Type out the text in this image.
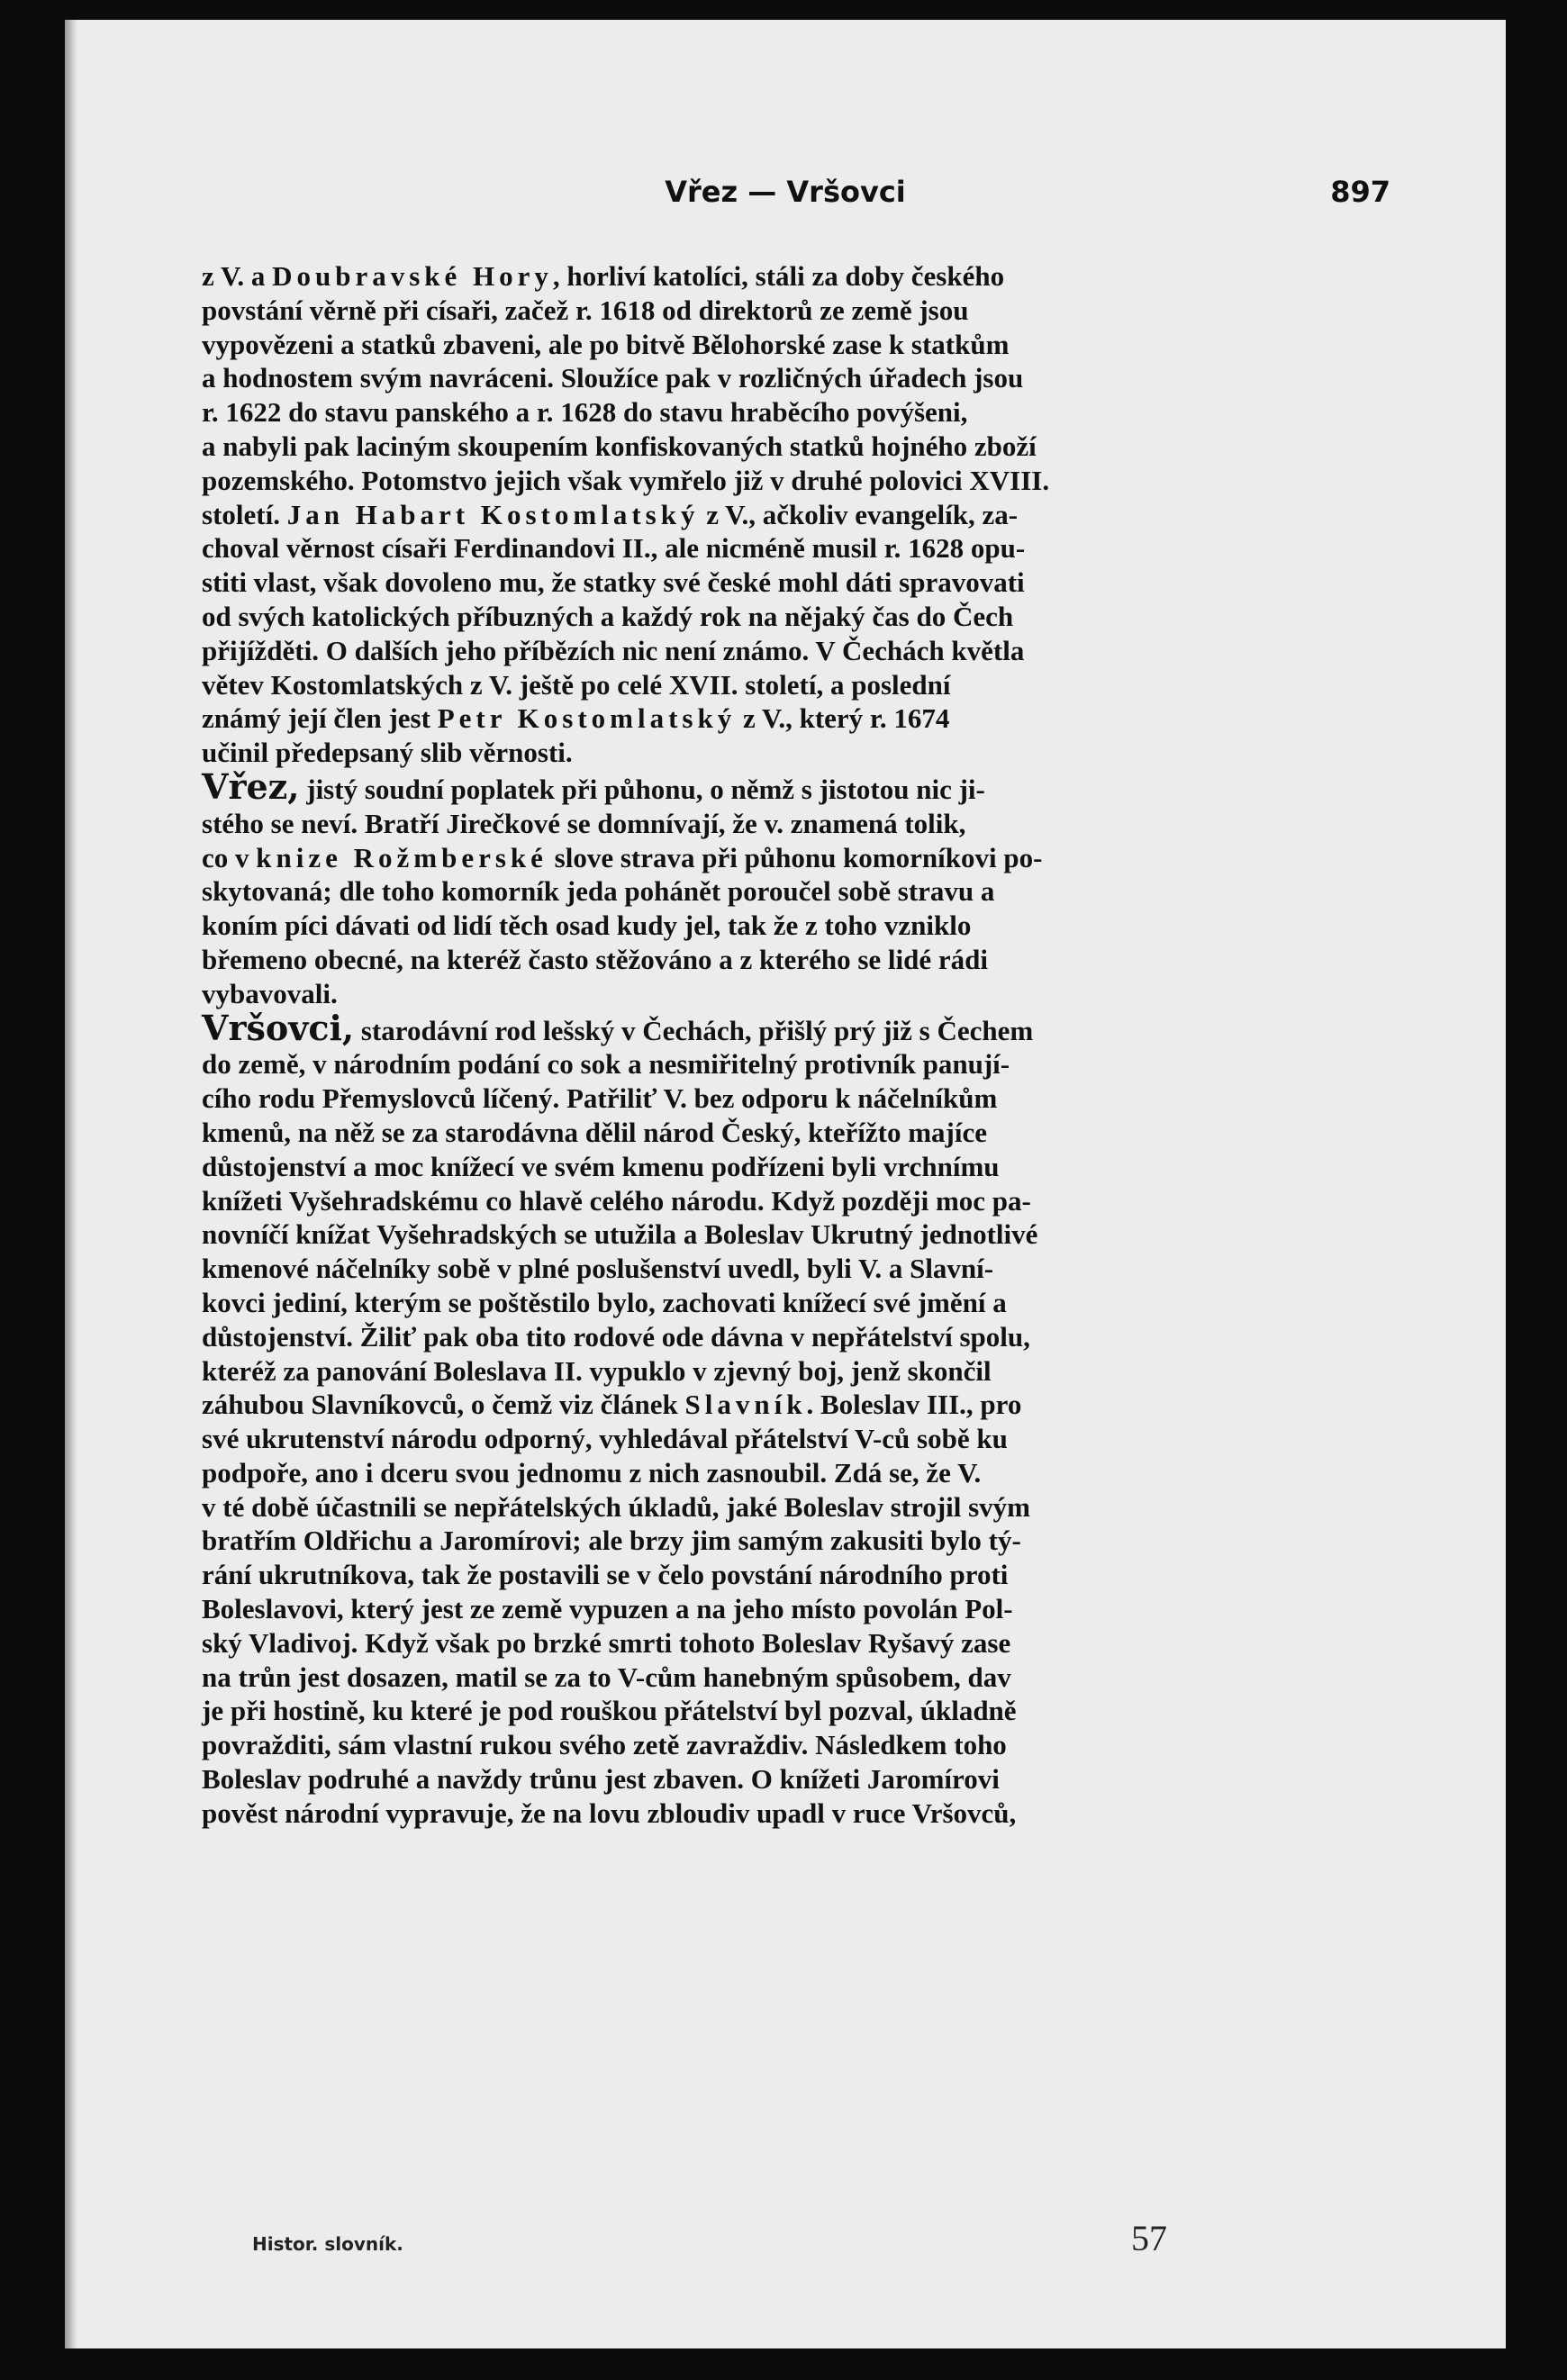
Vřez — Vršovci	897

z V. a Doubravské Hory, horliví katolíci, stáli za doby českého
povstání věrně při císaři, začež r. 1618 od direktorů ze země jsou
vypovězeni a statků zbaveni, ale po bitvě Bělohorské zase k statkům
a hodnostem svým navráceni. Sloužíce pak v rozličných úřadech jsou
r. 1622 do stavu panského a r. 1628 do stavu hraběcího povýšeni,
a nabyli pak laciným skoupením konfiskovaných statků hojného zboží
pozemského. Potomstvo jejich však vymřelo již v druhé polovici XVIII.
století. Jan Habart Kostomlatský z V., ačkoliv evangelík, za-
choval věrnost císaři Ferdinandovi II., ale nicméně musil r. 1628 opu-
stiti vlast, však dovoleno mu, že statky své české mohl dáti spravovati
od svých katolických příbuzných a každý rok na nějaký čas do Čech
přijížděti. O dalších jeho příbězích nic není známo. V Čechách květla
větev Kostomlatských z V. ještě po celé XVII. století, a poslední
známý její člen jest Petr Kostomlatský z V., který r. 1674
učinil předepsaný slib věrnosti.

Vřez, jistý soudní poplatek při půhonu, o němž s jistotou nic ji-
stého se neví. Bratří Jirečkové se domnívají, že v. znamená tolik,
co v knize Rožmberské slove strava při půhonu komorníkovi po-
skytovaná; dle toho komorník jeda pohánět poroučel sobě stravu a
koním píci dávati od lidí těch osad kudy jel, tak že z toho vzniklo
břemeno obecné, na kteréž často stěžováno a z kterého se lidé rádi
vybavovali.

Vršovci, starodávní rod lešský v Čechách, přišlý prý již s Čechem
do země, v národním podání co sok a nesmiřitelný protivník panují-
cího rodu Přemyslovců líčený. Patřiliť V. bez odporu k náčelníkům
kmenů, na něž se za starodávna dělil národ Český, kteřížto majíce
důstojenství a moc knížecí ve svém kmenu podřízeni byli vrchnímu
knížeti Vyšehradskému co hlavě celého národu. Když později moc pa-
novníčí knížat Vyšehradských se utužila a Boleslav Ukrutný jednotlivé
kmenové náčelníky sobě v plné poslušenství uvedl, byli V. a Slavní-
kovci jediní, kterým se poštěstilo bylo, zachovati knížecí své jmění a
důstojenství. Žiliť pak oba tito rodové ode dávna v nepřátelství spolu,
kteréž za panování Boleslava II. vypuklo v zjevný boj, jenž skončil
záhubou Slavníkovců, o čemž viz článek Slavník. Boleslav III., pro
své ukrutenství národu odporný, vyhledával přátelství V-ců sobě ku
podpoře, ano i dceru svou jednomu z nich zasnoubil. Zdá se, že V.
v té době účastnili se nepřátelských úkladů, jaké Boleslav strojil svým
bratřím Oldřichu a Jaromírovi; ale brzy jim samým zakusiti bylo tý-
rání ukrutníkova, tak že postavili se v čelo povstání národního proti
Boleslavovi, který jest ze země vypuzen a na jeho místo povolán Pol-
ský Vladivoj. Když však po brzké smrti tohoto Boleslav Ryšavý zase
na trůn jest dosazen, matil se za to V-cům hanebným spůsobem, dav
je při hostině, ku které je pod rouškou přátelství byl pozval, úkladně
povražditi, sám vlastní rukou svého zetě zavraždiv. Následkem toho
Boleslav podruhé a navždy trůnu jest zbaven. O knížeti Jaromírovi
pověst národní vypravuje, že na lovu zbloudiv upadl v ruce Vršovců,

Histor. slovník.	57
